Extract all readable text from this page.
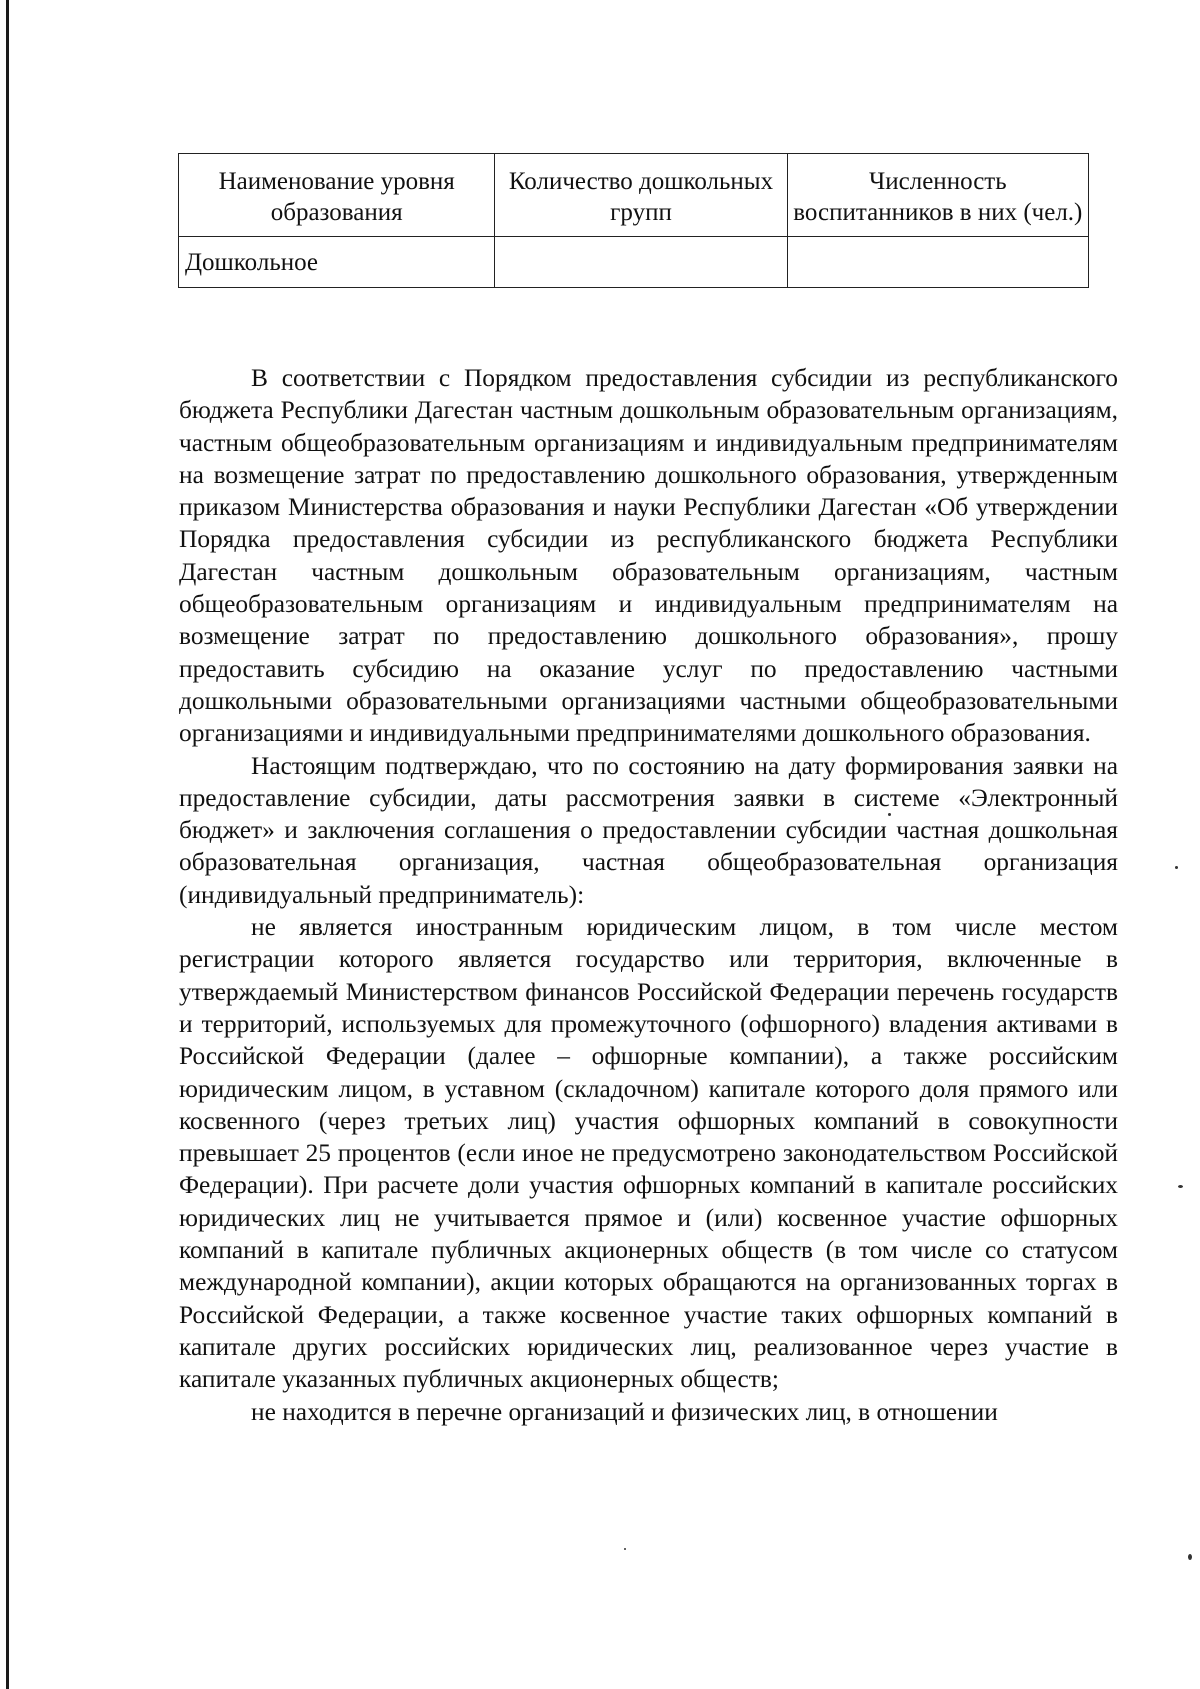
Наименование уровня образования	Количество дошкольных групп	Численность воспитанников в них (чел.)
Дошкольное		

В соответствии с Порядком предоставления субсидии из республиканского бюджета Республики Дагестан частным дошкольным образовательным организациям, частным общеобразовательным организациям и индивидуальным предпринимателям на возмещение затрат по предоставлению дошкольного образования, утвержденным приказом Министерства образования и науки Республики Дагестан «Об утверждении Порядка предоставления субсидии из республиканского бюджета Республики Дагестан частным дошкольным образовательным организациям, частным общеобразовательным организациям и индивидуальным предпринимателям на возмещение затрат по предоставлению дошкольного образования», прошу предоставить субсидию на оказание услуг по предоставлению частными дошкольными образовательными организациями частными общеобразовательными организациями и индивидуальными предпринимателями дошкольного образования.

Настоящим подтверждаю, что по состоянию на дату формирования заявки на предоставление субсидии, даты рассмотрения заявки в системе «Электронный бюджет» и заключения соглашения о предоставлении субсидии частная дошкольная образовательная организация, частная общеобразовательная организация (индивидуальный предприниматель):

не является иностранным юридическим лицом, в том числе местом регистрации которого является государство или территория, включенные в утверждаемый Министерством финансов Российской Федерации перечень государств и территорий, используемых для промежуточного (офшорного) владения активами в Российской Федерации (далее – офшорные компании), а также российским юридическим лицом, в уставном (складочном) капитале которого доля прямого или косвенного (через третьих лиц) участия офшорных компаний в совокупности превышает 25 процентов (если иное не предусмотрено законодательством Российской Федерации). При расчете доли участия офшорных компаний в капитале российских юридических лиц не учитывается прямое и (или) косвенное участие офшорных компаний в капитале публичных акционерных обществ (в том числе со статусом международной компании), акции которых обращаются на организованных торгах в Российской Федерации, а также косвенное участие таких офшорных компаний в капитале других российских юридических лиц, реализованное через участие в капитале указанных публичных акционерных обществ;

не находится в перечне организаций и физических лиц, в отношении
